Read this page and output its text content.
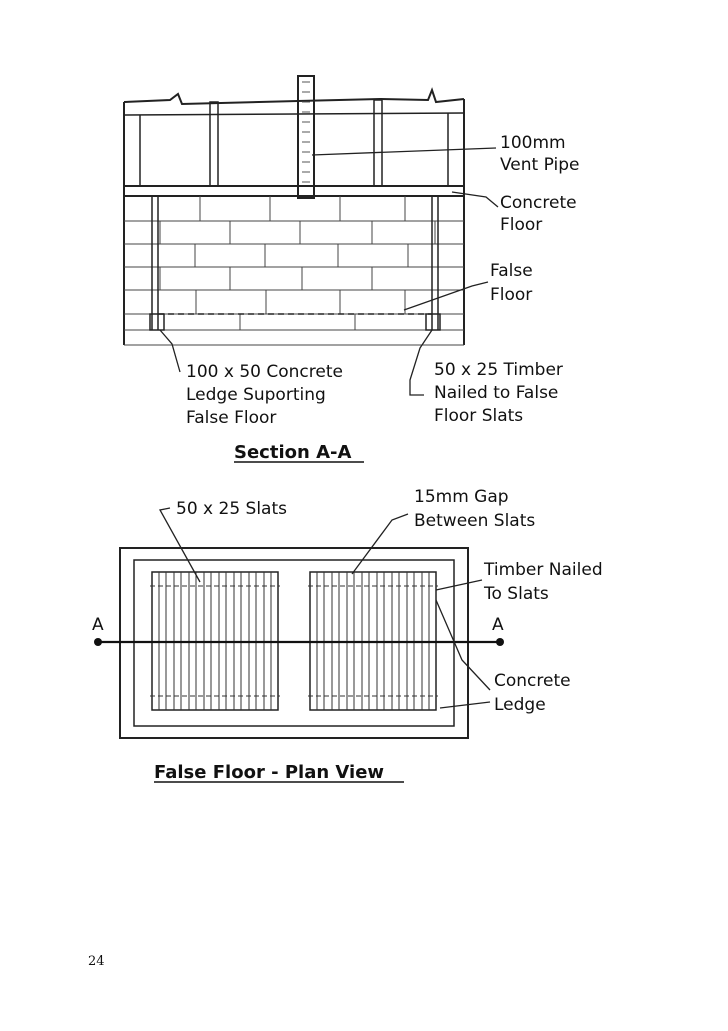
100mm Vent Pipe
Concrete Floor
False Floor
100 x 50 Concrete Ledge Suporting False Floor
50 x 25 Timber Nailed to False Floor Slats
Section A-A
A	A
50 x 25 Slats
15mm Gap Between Slats
Timber Nailed To Slats
Concrete Ledge
False Floor - Plan View
24
